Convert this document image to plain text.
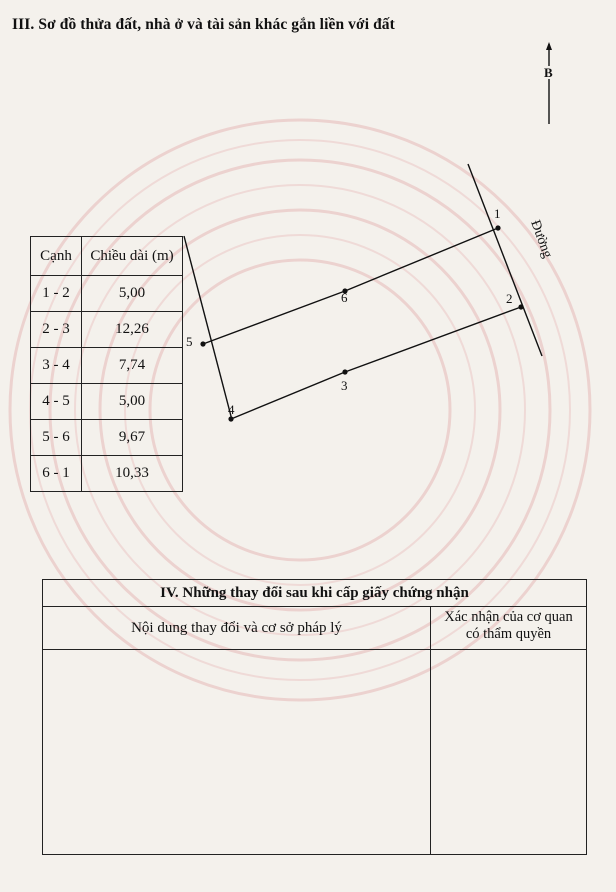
III. Sơ đồ thửa đất, nhà ở và tài sản khác gắn liền với đất
B
Cạnh	Chiều dài (m)
1 - 2	5,00
2 - 3	12,26
3 - 4	7,74
4 - 5	5,00
5 - 6	9,67
6 - 1	10,33
1
2
3
4
5
6
Đường
IV. Những thay đổi sau khi cấp giấy chứng nhận
Nội dung thay đổi và cơ sở pháp lý
Xác nhận của cơ quan
có thẩm quyền
